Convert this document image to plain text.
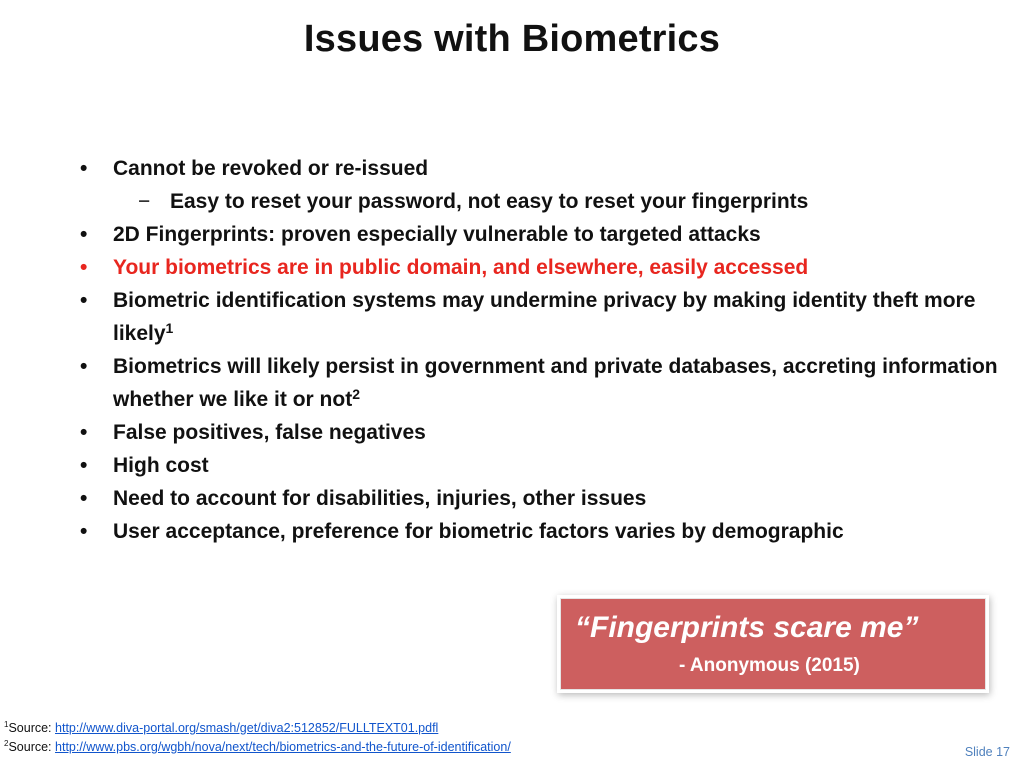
Issues with Biometrics
•	Cannot be revoked or re-issued
− Easy to reset your password, not easy to reset your fingerprints
•	2D Fingerprints: proven especially vulnerable to targeted attacks
•	Your biometrics are in public domain, and elsewhere, easily accessed
•	Biometric identification systems may undermine privacy by making identity theft more likely$^1$
•	Biometrics will likely persist in government and private databases, accreting information whether we like it or not$^2$
•	False positives, false negatives
•	High cost
•	Need to account for disabilities, injuries, other issues
•	User acceptance, preference for biometric factors varies by demographic
“Fingerprints scare me”
- Anonymous (2015)
$^1$Source: http://www.diva-portal.org/smash/get/diva2:512852/FULLTEXT01.pdfl
$^2$Source: http://www.pbs.org/wgbh/nova/next/tech/biometrics-and-the-future-of-identification/	Slide 17
